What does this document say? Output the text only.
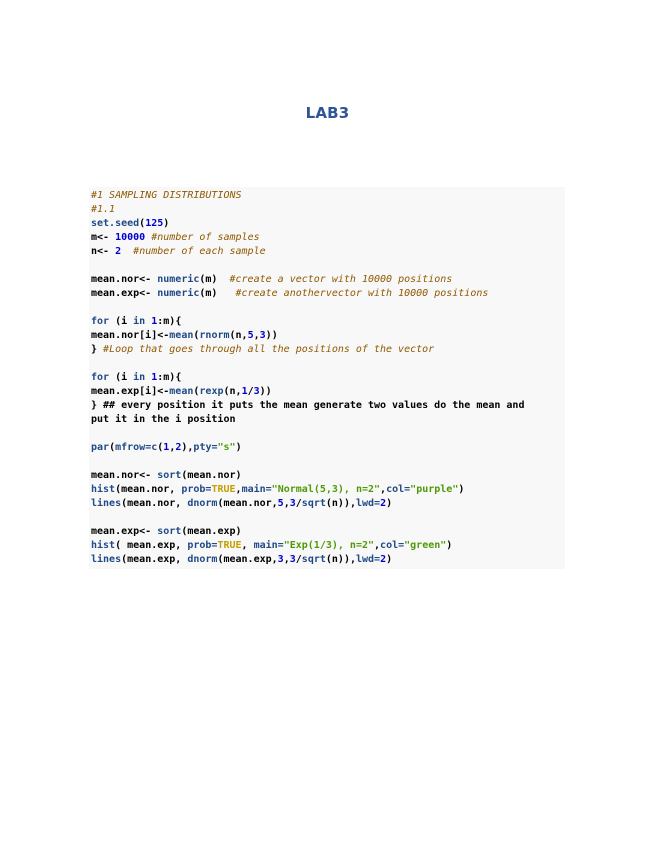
LAB3
#1 SAMPLING DISTRIBUTIONS
#1.1
set.seed(125)
m<- 10000 #number of samples
n<- 2 #number of each sample
mean.nor<- numeric(m)  #create a vector with 10000 positions
mean.exp<- numeric(m)   #create anothervector with 10000 positions
for (i in 1:m){
mean.nor[i]<-mean(rnorm(n,5,3))
} #Loop that goes through all the positions of the vector
for (i in 1:m){
mean.exp[i]<-mean(rexp(n,1/3))
} ## every position it puts the mean generate two values do the mean and
put it in the i position
par(mfrow=c(1,2),pty="s")
mean.nor<- sort(mean.nor)
hist(mean.nor, prob=TRUE,main="Normal(5,3), n=2",col="purple")
lines(mean.nor, dnorm(mean.nor,5,3/sqrt(n)),lwd=2)
mean.exp<- sort(mean.exp)
hist( mean.exp, prob=TRUE, main="Exp(1/3), n=2",col="green")
lines(mean.exp, dnorm(mean.exp,3,3/sqrt(n)),lwd=2)
